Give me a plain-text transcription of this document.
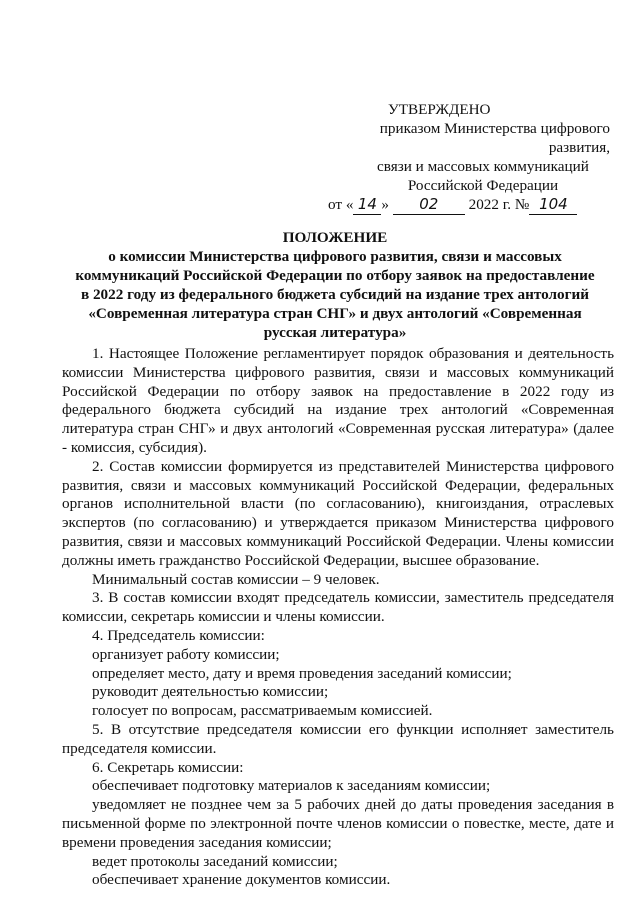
УТВЕРЖДЕНО
приказом Министерства цифрового развития,
связи и массовых коммуникаций
Российской Федерации
от « 14 » 02 2022 г. № 104
ПОЛОЖЕНИЕ
о комиссии Министерства цифрового развития, связи и массовых коммуникаций Российской Федерации по отбору заявок на предоставление в 2022 году из федерального бюджета субсидий на издание трех антологий «Современная литература стран СНГ» и двух антологий «Современная русская литература»

1. Настоящее Положение регламентирует порядок образования и деятельность комиссии Министерства цифрового развития, связи и массовых коммуникаций Российской Федерации по отбору заявок на предоставление в 2022 году из федерального бюджета субсидий на издание трех антологий «Современная литература стран СНГ» и двух антологий «Современная русская литература» (далее - комиссия, субсидия).

2. Состав комиссии формируется из представителей Министерства цифрового развития, связи и массовых коммуникаций Российской Федерации, федеральных органов исполнительной власти (по согласованию), книгоиздания, отраслевых экспертов (по согласованию) и утверждается приказом Министерства цифрового развития, связи и массовых коммуникаций Российской Федерации. Члены комиссии должны иметь гражданство Российской Федерации, высшее образование.

Минимальный состав комиссии – 9 человек.

3. В состав комиссии входят председатель комиссии, заместитель председателя комиссии, секретарь комиссии и члены комиссии.

4. Председатель комиссии:

организует работу комиссии;

определяет место, дату и время проведения заседаний комиссии;

руководит деятельностью комиссии;

голосует по вопросам, рассматриваемым комиссией.

5. В отсутствие председателя комиссии его функции исполняет заместитель председателя комиссии.

6. Секретарь комиссии:

обеспечивает подготовку материалов к заседаниям комиссии;

уведомляет не позднее чем за 5 рабочих дней до даты проведения заседания в письменной форме по электронной почте членов комиссии о повестке, месте, дате и времени проведения заседания комиссии;

ведет протоколы заседаний комиссии;

обеспечивает хранение документов комиссии.
